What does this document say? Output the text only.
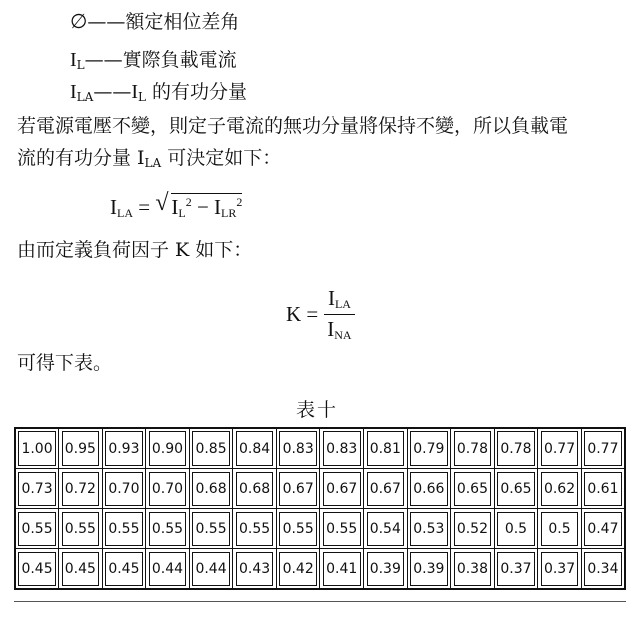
∅——額定相位差角
$I_L——$實際負載電流
$I_{LA}——I_L$ 的有功分量
若電源電壓不變，則定子電流的無功分量將保持不變，所以負載電
流的有功分量 $I_{LA}$ 可決定如下：
$I_{LA}$ = √ $I_L^2 - I_{LR}^2$
由而定義負荷因子 K 如下：
$K = \frac{I_{LA}}{I_{NA}}$
可得下表。
表十
1.00	0.95	0.93	0.90	0.85	0.84	0.83	0.83	0.81	0.79	0.78	0.78	0.77	0.77
0.73	0.72	0.70	0.70	0.68	0.68	0.67	0.67	0.67	0.66	0.65	0.65	0.62	0.61
0.55	0.55	0.55	0.55	0.55	0.55	0.55	0.55	0.54	0.53	0.52	0.5	0.5	0.47
0.45	0.45	0.45	0.44	0.44	0.43	0.42	0.41	0.39	0.39	0.38	0.37	0.37	0.34
